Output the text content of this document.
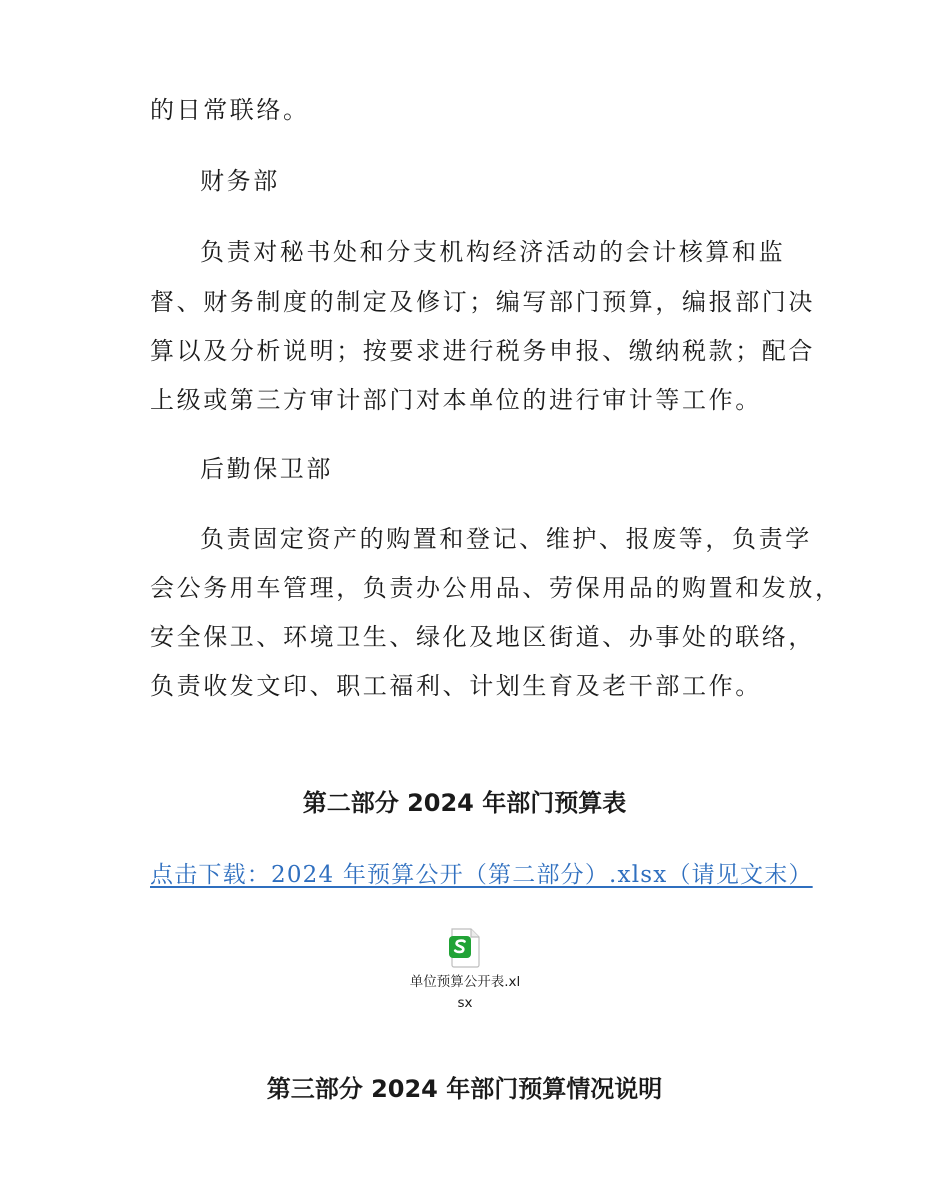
的日常联络。
财务部
负责对秘书处和分支机构经济活动的会计核算和监
督、财务制度的制定及修订；编写部门预算，编报部门决
算以及分析说明；按要求进行税务申报、缴纳税款；配合
上级或第三方审计部门对本单位的进行审计等工作。
后勤保卫部
负责固定资产的购置和登记、维护、报废等，负责学
会公务用车管理，负责办公用品、劳保用品的购置和发放，
安全保卫、环境卫生、绿化及地区街道、办事处的联络，
负责收发文印、职工福利、计划生育及老干部工作。
第二部分 2024 年部门预算表
点击下载：2024 年预算公开（第二部分）.xlsx（请见文末）
单位预算公开表.xl
sx
第三部分 2024 年部门预算情况说明
